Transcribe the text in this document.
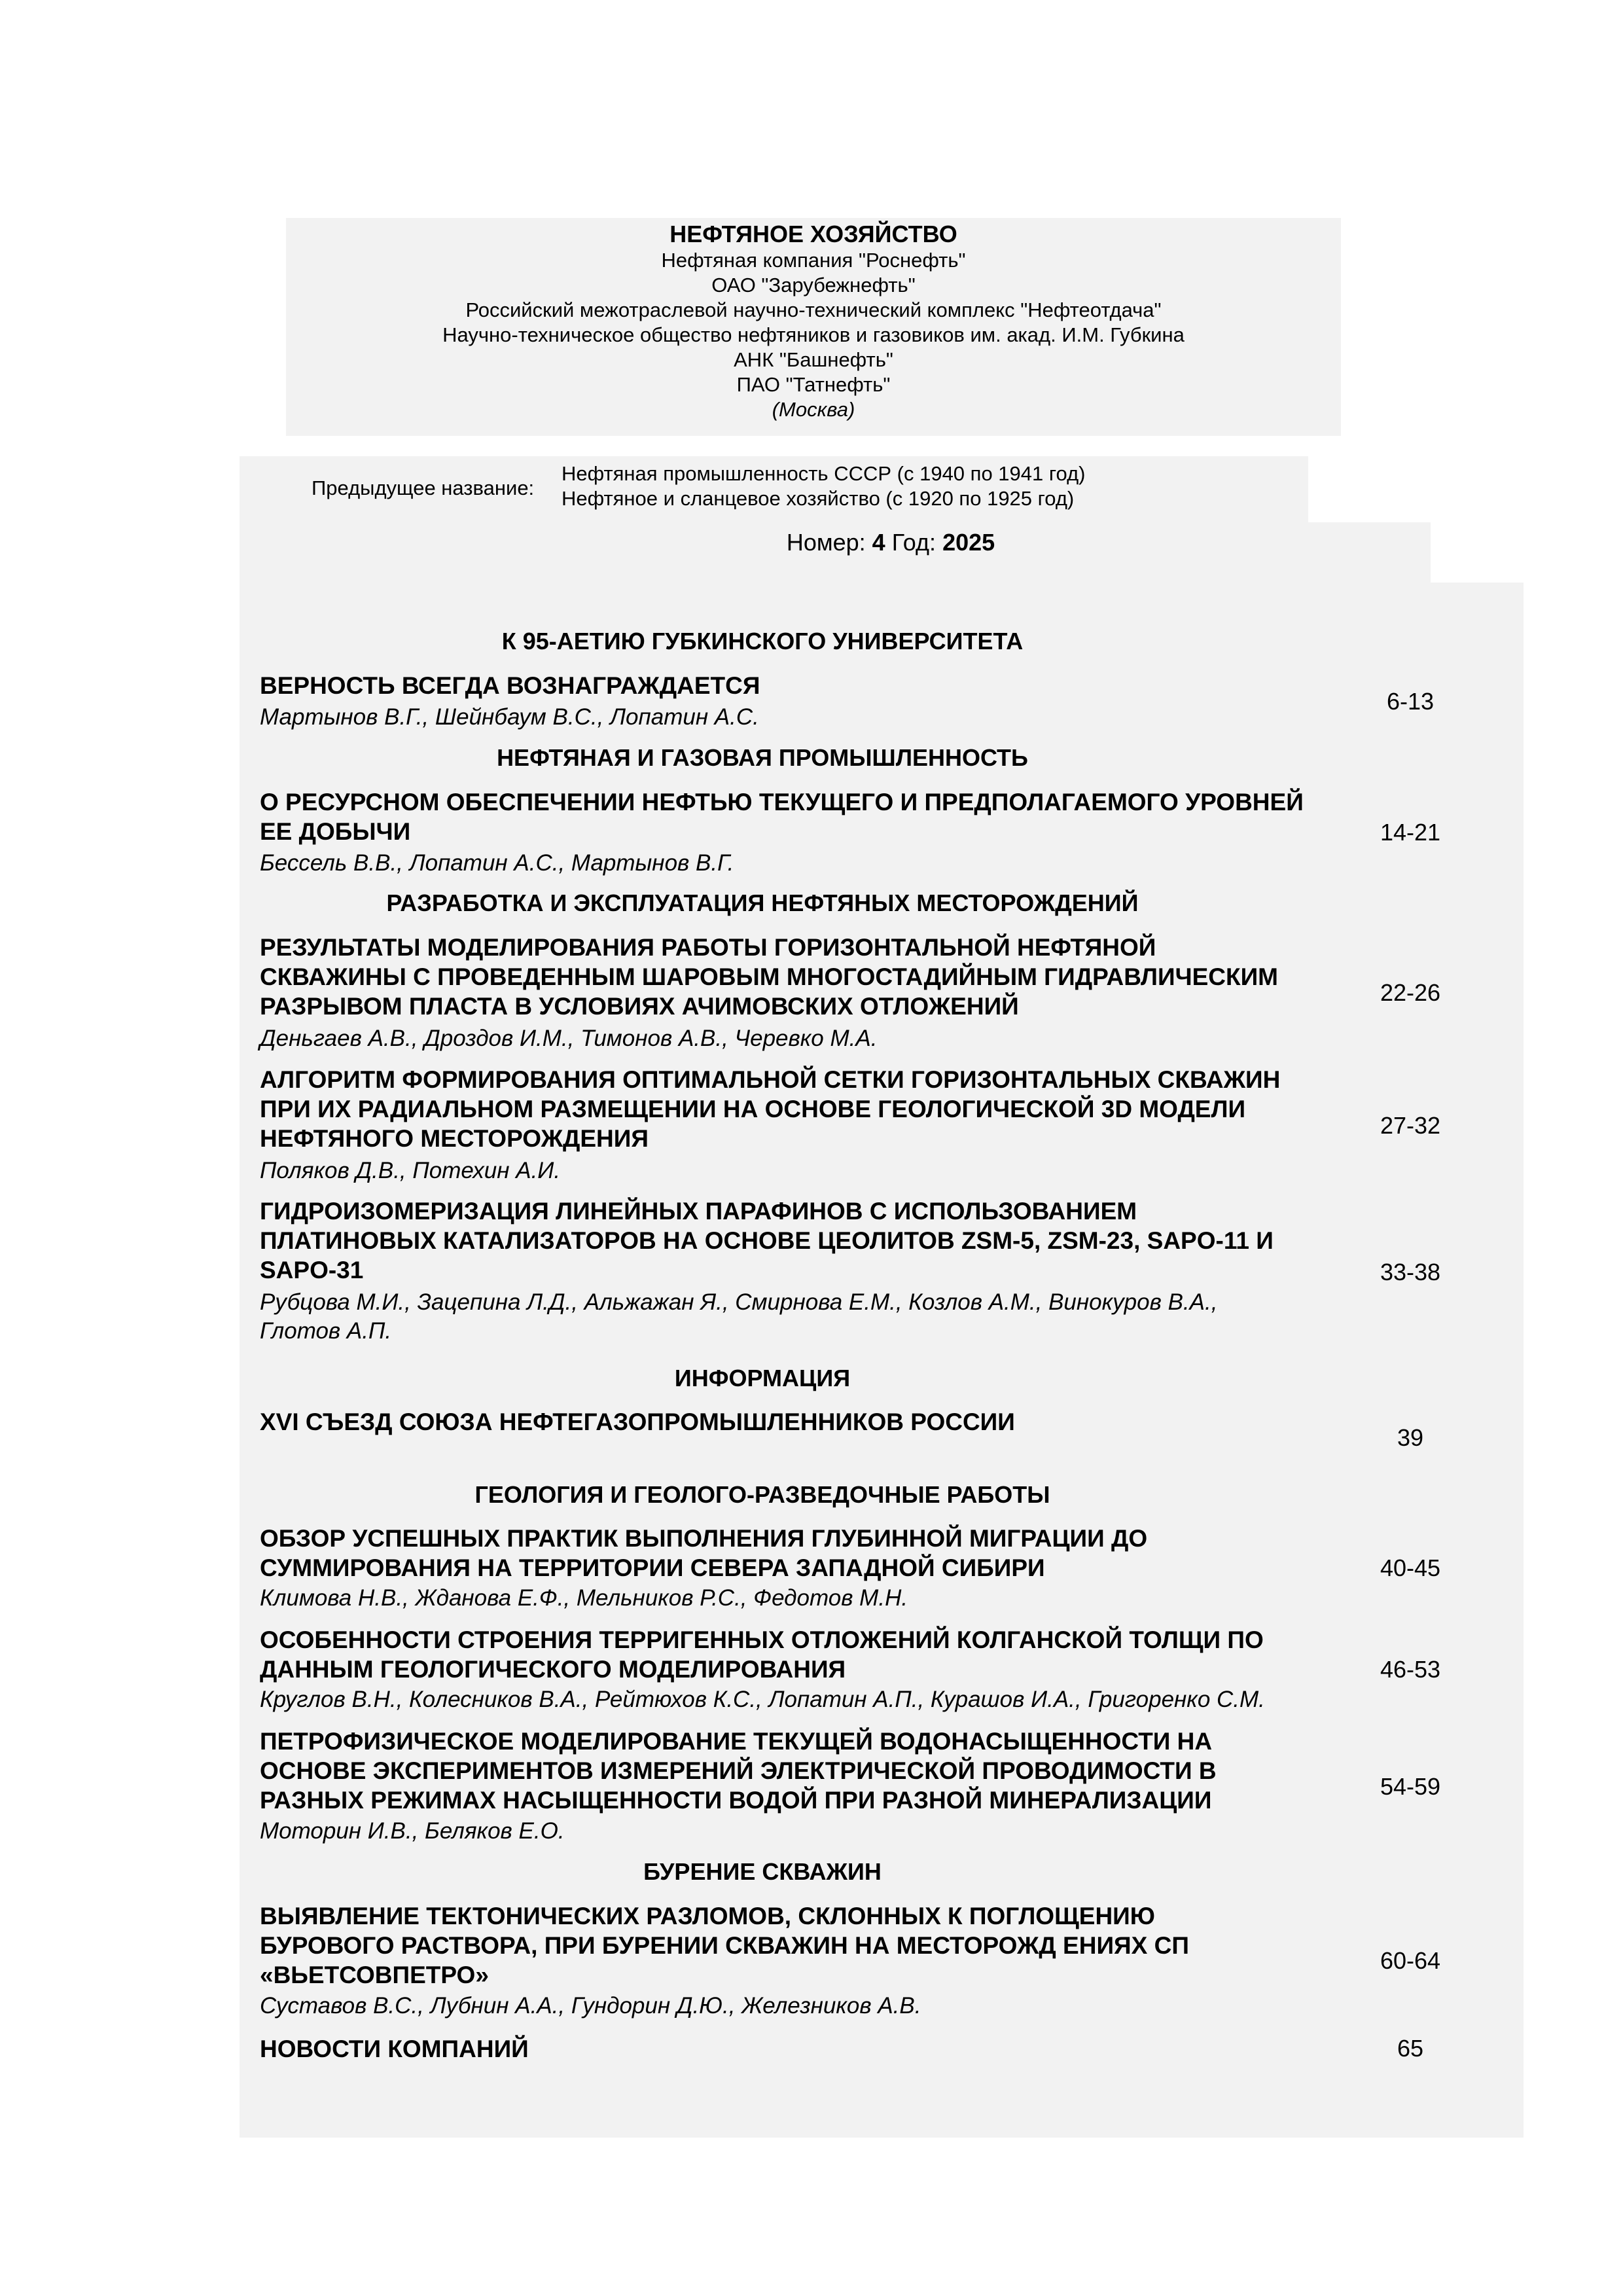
НЕФТЯНОЕ ХОЗЯЙСТВО
Нефтяная компания "Роснефть"
ОАО "Зарубежнефть"
Российский межотраслевой научно-технический комплекс "Нефтеотдача"
Научно-техническое общество нефтяников и газовиков им. акад. И.М. Губкина
АНК "Башнефть"
ПАО "Татнефть"
(Москва)
Предыдущее название:
Нефтяная промышленность СССР (с 1940 по 1941 год)
Нефтяное и сланцевое хозяйство (с 1920 по 1925 год)
Номер: 4 Год: 2025
К 95-АЕТИЮ ГУБКИНСКОГО УНИВЕРСИТЕТА
ВЕРНОСТЬ ВСЕГДА ВОЗНАГРАЖДАЕТСЯ
Мартынов В.Г., Шейнбаум В.С., Лопатин А.С.
6-13
НЕФТЯНАЯ И ГАЗОВАЯ ПРОМЫШЛЕННОСТЬ
О РЕСУРСНОМ ОБЕСПЕЧЕНИИ НЕФТЬЮ ТЕКУЩЕГО И ПРЕДПОЛАГАЕМОГО УРОВНЕЙ
ЕЕ ДОБЫЧИ
Бессель В.В., Лопатин А.С., Мартынов В.Г.
14-21
РАЗРАБОТКА И ЭКСПЛУАТАЦИЯ НЕФТЯНЫХ МЕСТОРОЖДЕНИЙ
РЕЗУЛЬТАТЫ МОДЕЛИРОВАНИЯ РАБОТЫ ГОРИЗОНТАЛЬНОЙ НЕФТЯНОЙ
СКВАЖИНЫ С ПРОВЕДЕННЫМ ШАРОВЫМ МНОГОСТАДИЙНЫМ ГИДРАВЛИЧЕСКИМ
РАЗРЫВОМ ПЛАСТА В УСЛОВИЯХ АЧИМОВСКИХ ОТЛОЖЕНИЙ
Деньгаев А.В., Дроздов И.М., Тимонов А.В., Черевко М.А.
22-26
АЛГОРИТМ ФОРМИРОВАНИЯ ОПТИМАЛЬНОЙ СЕТКИ ГОРИЗОНТАЛЬНЫХ СКВАЖИН
ПРИ ИХ РАДИАЛЬНОМ РАЗМЕЩЕНИИ НА ОСНОВЕ ГЕОЛОГИЧЕСКОЙ 3D МОДЕЛИ
НЕФТЯНОГО МЕСТОРОЖДЕНИЯ
Поляков Д.В., Потехин А.И.
27-32
ГИДРОИЗОМЕРИЗАЦИЯ ЛИНЕЙНЫХ ПАРАФИНОВ С ИСПОЛЬЗОВАНИЕМ
ПЛАТИНОВЫХ КАТАЛИЗАТОРОВ НА ОСНОВЕ ЦЕОЛИТОВ ZSM-5, ZSM-23, SAPO-11 И
SAPO-31
Рубцова М.И., Зацепина Л.Д., Альжажан Я., Смирнова Е.М., Козлов А.М., Винокуров В.А.,
Глотов А.П.
33-38
ИНФОРМАЦИЯ
XVI СЪЕЗД СОЮЗА НЕФТЕГАЗОПРОМЫШЛЕННИКОВ РОССИИ
39
ГЕОЛОГИЯ И ГЕОЛОГО-РАЗВЕДОЧНЫЕ РАБОТЫ
ОБЗОР УСПЕШНЫХ ПРАКТИК ВЫПОЛНЕНИЯ ГЛУБИННОЙ МИГРАЦИИ ДО
СУММИРОВАНИЯ НА ТЕРРИТОРИИ СЕВЕРА ЗАПАДНОЙ СИБИРИ
Климова Н.В., Жданова Е.Ф., Мельников Р.С., Федотов М.Н.
40-45
ОСОБЕННОСТИ СТРОЕНИЯ ТЕРРИГЕННЫХ ОТЛОЖЕНИЙ КОЛГАНСКОЙ ТОЛЩИ ПО
ДАННЫМ ГЕОЛОГИЧЕСКОГО МОДЕЛИРОВАНИЯ
Круглов В.Н., Колесников В.А., Рейтюхов К.С., Лопатин А.П., Курашов И.А., Григоренко С.М.
46-53
ПЕТРОФИЗИЧЕСКОЕ МОДЕЛИРОВАНИЕ ТЕКУЩЕЙ ВОДОНАСЫЩЕННОСТИ НА
ОСНОВЕ ЭКСПЕРИМЕНТОВ ИЗМЕРЕНИЙ ЭЛЕКТРИЧЕСКОЙ ПРОВОДИМОСТИ В
РАЗНЫХ РЕЖИМАХ НАСЫЩЕННОСТИ ВОДОЙ ПРИ РАЗНОЙ МИНЕРАЛИЗАЦИИ
Моторин И.В., Беляков Е.О.
54-59
БУРЕНИЕ СКВАЖИН
ВЫЯВЛЕНИЕ ТЕКТОНИЧЕСКИХ РАЗЛОМОВ, СКЛОННЫХ К ПОГЛОЩЕНИЮ
БУРОВОГО РАСТВОРА, ПРИ БУРЕНИИ СКВАЖИН НА МЕСТОРОЖД ЕНИЯХ СП
«ВЬЕТСОВПЕТРО»
Суставов В.С., Лубнин А.А., Гундорин Д.Ю., Железников А.В.
60-64
НОВОСТИ КОМПАНИЙ	65
